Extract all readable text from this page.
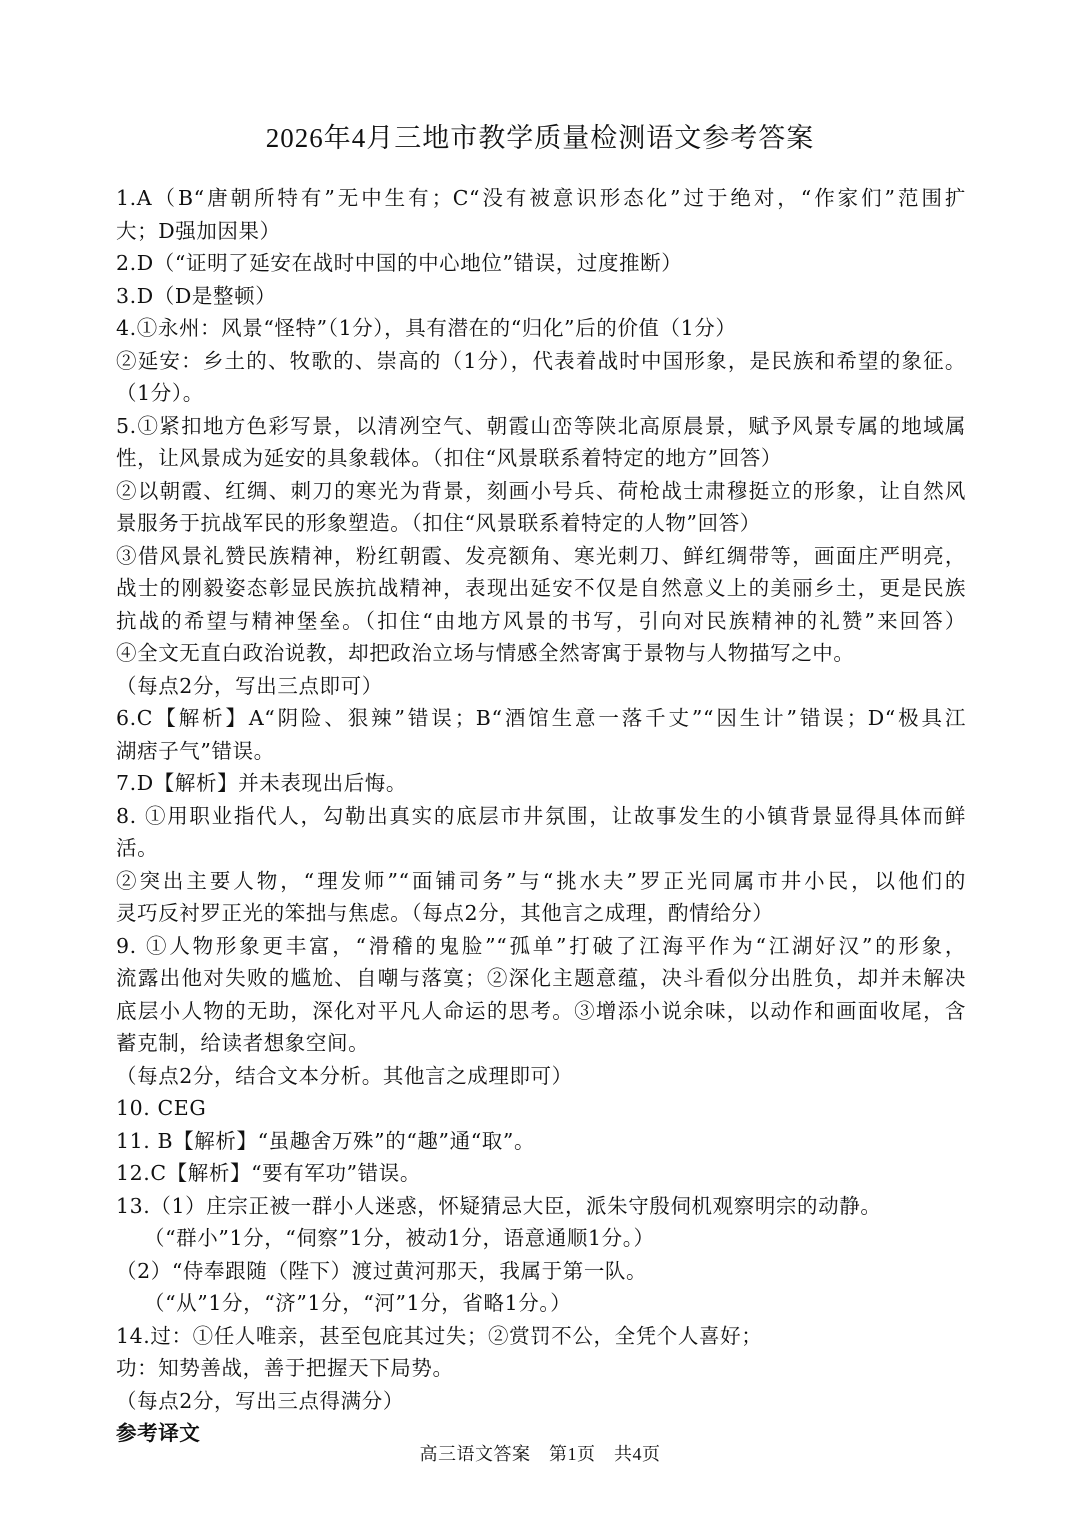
2026年4月三地市教学质量检测语文参考答案
1.A（B“唐朝所特有”无中生有；C“没有被意识形态化”过于绝对，“作家们”范围扩
大；D强加因果）
2.D（“证明了延安在战时中国的中心地位”错误，过度推断）
3.D（D是整顿）
4.①永州：风景“怪特”（1分），具有潜在的“归化”后的价值（1分）
②延安：乡土的、牧歌的、崇高的（1分），代表着战时中国形象，是民族和希望的象征。
（1分）。
5.①紧扣地方色彩写景，以清冽空气、朝霞山峦等陕北高原晨景，赋予风景专属的地域属
性，让风景成为延安的具象载体。（扣住“风景联系着特定的地方”回答）
②以朝霞、红绸、刺刀的寒光为背景，刻画小号兵、荷枪战士肃穆挺立的形象，让自然风
景服务于抗战军民的形象塑造。（扣住“风景联系着特定的人物”回答）
③借风景礼赞民族精神，粉红朝霞、发亮额角、寒光刺刀、鲜红绸带等，画面庄严明亮，
战士的刚毅姿态彰显民族抗战精神，表现出延安不仅是自然意义上的美丽乡土，更是民族
抗战的希望与精神堡垒。（扣住“由地方风景的书写，引向对民族精神的礼赞”来回答）
④全文无直白政治说教，却把政治立场与情感全然寄寓于景物与人物描写之中。
（每点2分，写出三点即可）
6.C【解析】A“阴险、狠辣”错误；B“酒馆生意一落千丈”“因生计”错误；D“极具江
湖痞子气”错误。
7.D【解析】并未表现出后悔。
8. ①用职业指代人，勾勒出真实的底层市井氛围，让故事发生的小镇背景显得具体而鲜
活。
②突出主要人物，“理发师”“面铺司务”与“挑水夫”罗正光同属市井小民，以他们的
灵巧反衬罗正光的笨拙与焦虑。（每点2分，其他言之成理，酌情给分）
9. ①人物形象更丰富，“滑稽的鬼脸”“孤单”打破了江海平作为“江湖好汉”的形象，
流露出他对失败的尴尬、自嘲与落寞；②深化主题意蕴，决斗看似分出胜负，却并未解决
底层小人物的无助，深化对平凡人命运的思考。③增添小说余味，以动作和画面收尾，含
蓄克制，给读者想象空间。
（每点2分，结合文本分析。其他言之成理即可）
10. CEG
11. B【解析】“虽趣舍万殊”的“趣”通“取”。
12.C【解析】“要有军功”错误。
13.（1）庄宗正被一群小人迷惑，怀疑猜忌大臣，派朱守殷伺机观察明宗的动静。
（“群小”1分，“伺察”1分，被动1分，语意通顺1分。）
（2）“侍奉跟随（陛下）渡过黄河那天，我属于第一队。
（“从”1分，“济”1分，“河”1分，省略1分。）
14.过：①任人唯亲，甚至包庇其过失；②赏罚不公，全凭个人喜好；
功：知势善战，善于把握天下局势。
（每点2分，写出三点得满分）
参考译文
高三语文答案　第1页　共4页
